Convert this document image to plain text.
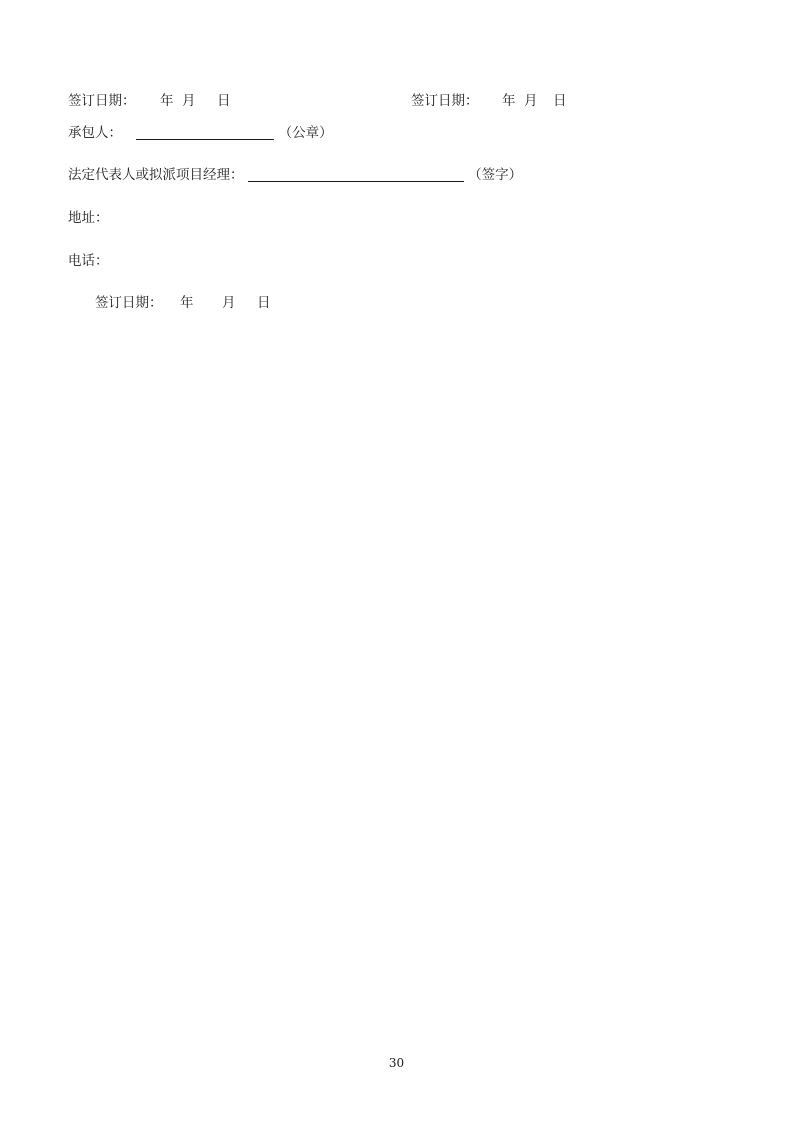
签订日期： 年 月 日	签订日期： 年 月 日
承包人：	（公章）
法定代表人或拟派项目经理：	（签字）
地址：
电话：
签订日期： 年 月 日
30
